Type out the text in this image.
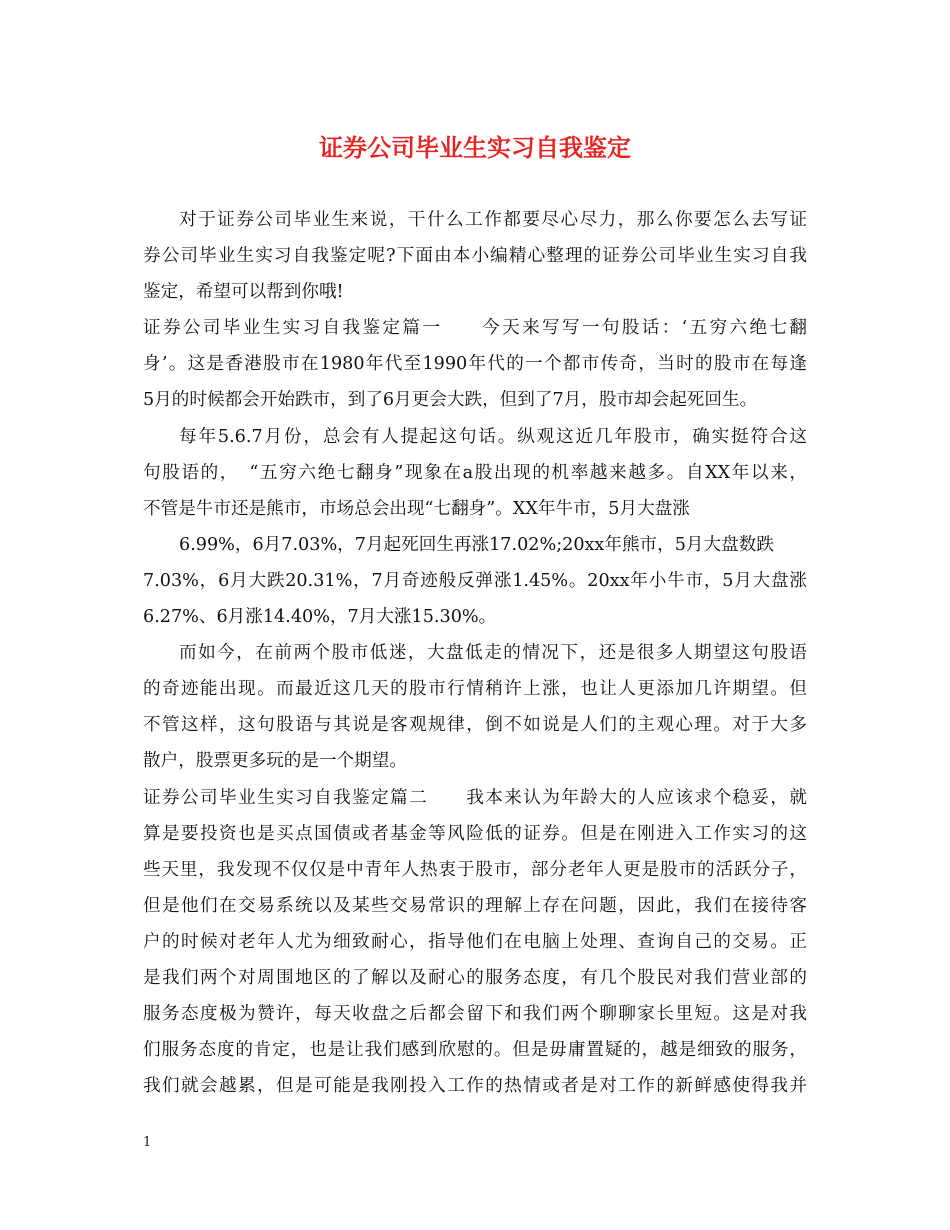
证券公司毕业生实习自我鉴定
对于证券公司毕业生来说，干什么工作都要尽心尽力，那么你要怎么去写证
券公司毕业生实习自我鉴定呢?下面由本小编精心整理的证券公司毕业生实习自我
鉴定，希望可以帮到你哦!
证券公司毕业生实习自我鉴定篇一　　今天来写写一句股话：‘五穷六绝七翻
身’。这是香港股市在1980年代至1990年代的一个都市传奇，当时的股市在每逢
5月的时候都会开始跌市，到了6月更会大跌，但到了7月，股市却会起死回生。
每年5.6.7月份，总会有人提起这句话。纵观这近几年股市，确实挺符合这
句股语的，　“五穷六绝七翻身”现象在a股出现的机率越来越多。自XX年以来，
不管是牛市还是熊市，市场总会出现“七翻身”。XX年牛市，5月大盘涨
6.99%，6月7.03%，7月起死回生再涨17.02%;20xx年熊市，5月大盘数跌
7.03%，6月大跌20.31%，7月奇迹般反弹涨1.45%。20xx年小牛市，5月大盘涨
6.27%、6月涨14.40%，7月大涨15.30%。
而如今，在前两个股市低迷，大盘低走的情况下，还是很多人期望这句股语
的奇迹能出现。而最近这几天的股市行情稍许上涨，也让人更添加几许期望。但
不管这样，这句股语与其说是客观规律，倒不如说是人们的主观心理。对于大多
散户，股票更多玩的是一个期望。
证券公司毕业生实习自我鉴定篇二　　我本来认为年龄大的人应该求个稳妥，就
算是要投资也是买点国债或者基金等风险低的证券。但是在刚进入工作实习的这
些天里，我发现不仅仅是中青年人热衷于股市，部分老年人更是股市的活跃分子，
但是他们在交易系统以及某些交易常识的理解上存在问题，因此，我们在接待客
户的时候对老年人尤为细致耐心，指导他们在电脑上处理、查询自己的交易。正
是我们两个对周围地区的了解以及耐心的服务态度，有几个股民对我们营业部的
服务态度极为赞许，每天收盘之后都会留下和我们两个聊聊家长里短。这是对我
们服务态度的肯定，也是让我们感到欣慰的。但是毋庸置疑的，越是细致的服务，
我们就会越累，但是可能是我刚投入工作的热情或者是对工作的新鲜感使得我并
1
